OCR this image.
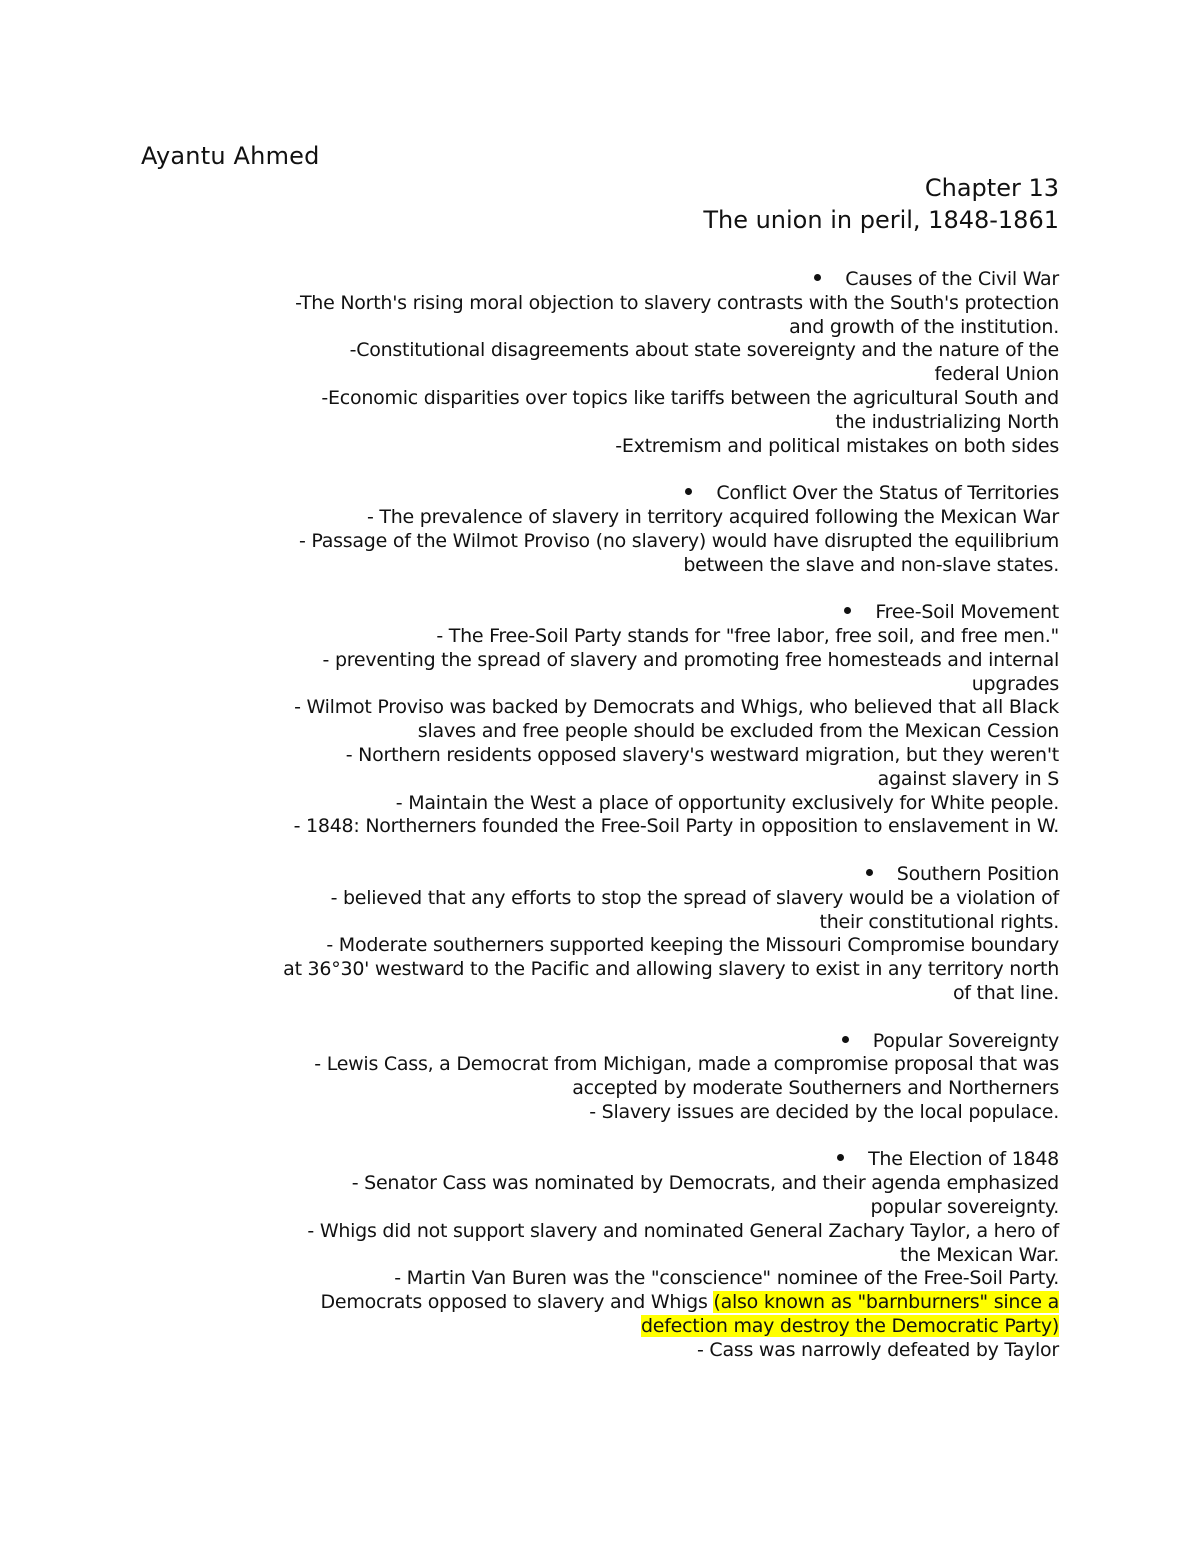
Ayantu Ahmed
Chapter 13
The union in peril, 1848-1861
Causes of the Civil War
-The North's rising moral objection to slavery contrasts with the South's protection
and growth of the institution.
-Constitutional disagreements about state sovereignty and the nature of the
federal Union
-Economic disparities over topics like tariffs between the agricultural South and
the industrializing North
-Extremism and political mistakes on both sides
Conflict Over the Status of Territories
- The prevalence of slavery in territory acquired following the Mexican War
- Passage of the Wilmot Proviso (no slavery) would have disrupted the equilibrium
between the slave and non-slave states.
Free-Soil Movement
- The Free-Soil Party stands for "free labor, free soil, and free men."
- preventing the spread of slavery and promoting free homesteads and internal
upgrades
- Wilmot Proviso was backed by Democrats and Whigs, who believed that all Black
slaves and free people should be excluded from the Mexican Cession
- Northern residents opposed slavery's westward migration, but they weren't
against slavery in S
- Maintain the West a place of opportunity exclusively for White people.
- 1848: Northerners founded the Free-Soil Party in opposition to enslavement in W.
Southern Position
- believed that any efforts to stop the spread of slavery would be a violation of
their constitutional rights.
- Moderate southerners supported keeping the Missouri Compromise boundary
at 36°30' westward to the Pacific and allowing slavery to exist in any territory north
of that line.
Popular Sovereignty
- Lewis Cass, a Democrat from Michigan, made a compromise proposal that was
accepted by moderate Southerners and Northerners
- Slavery issues are decided by the local populace.
The Election of 1848
- Senator Cass was nominated by Democrats, and their agenda emphasized
popular sovereignty.
- Whigs did not support slavery and nominated General Zachary Taylor, a hero of
the Mexican War.
- Martin Van Buren was the "conscience" nominee of the Free-Soil Party.
Democrats opposed to slavery and Whigs (also known as "barnburners" since a
defection may destroy the Democratic Party)
- Cass was narrowly defeated by Taylor
